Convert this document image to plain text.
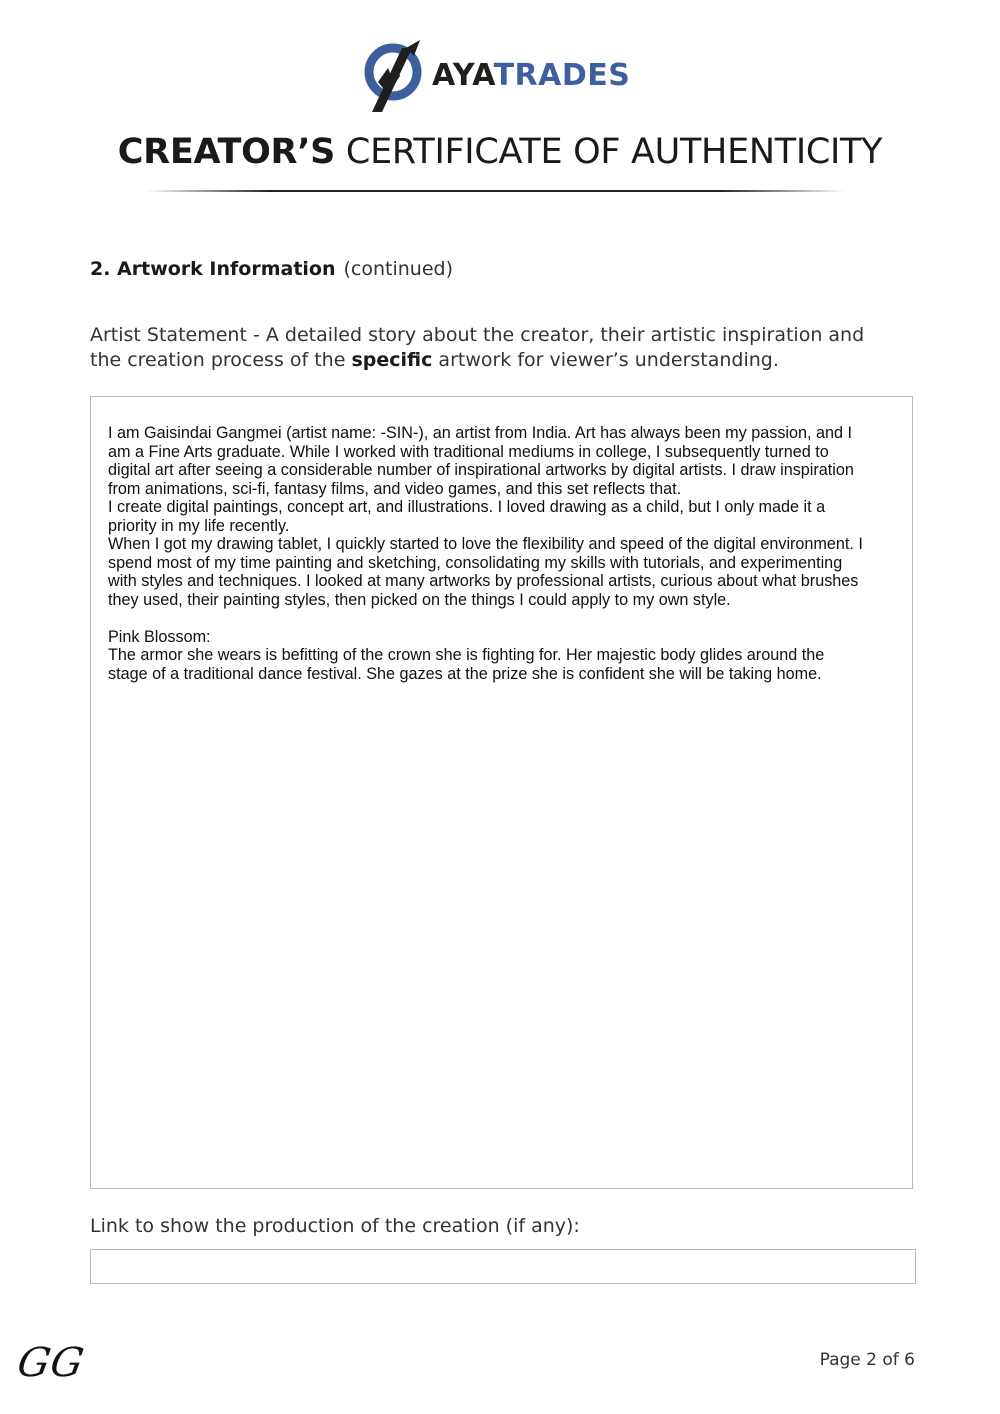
AYATRADES
CREATOR’S CERTIFICATE OF AUTHENTICITY
2. Artwork Information (continued)
Artist Statement - A detailed story about the creator, their artistic inspiration and the creation process of the specific artwork for viewer’s understanding.

I am Gaisindai Gangmei (artist name: -SIN-), an artist from India. Art has always been my passion, and I

am a Fine Arts graduate. While I worked with traditional mediums in college, I subsequently turned to

digital art after seeing a considerable number of inspirational artworks by digital artists. I draw inspiration

from animations, sci-fi, fantasy films, and video games, and this set reflects that.

I create digital paintings, concept art, and illustrations. I loved drawing as a child, but I only made it a

priority in my life recently.

When I got my drawing tablet, I quickly started to love the flexibility and speed of the digital environment. I

spend most of my time painting and sketching, consolidating my skills with tutorials, and experimenting

with styles and techniques. I looked at many artworks by professional artists, curious about what brushes

they used, their painting styles, then picked on the things I could apply to my own style.

Pink Blossom:

The armor she wears is befitting of the crown she is fighting for. Her majestic body glides around the

stage of a traditional dance festival. She gazes at the prize she is confident she will be taking home.

Link to show the production of the creation (if any):
GG	Page 2 of 6
